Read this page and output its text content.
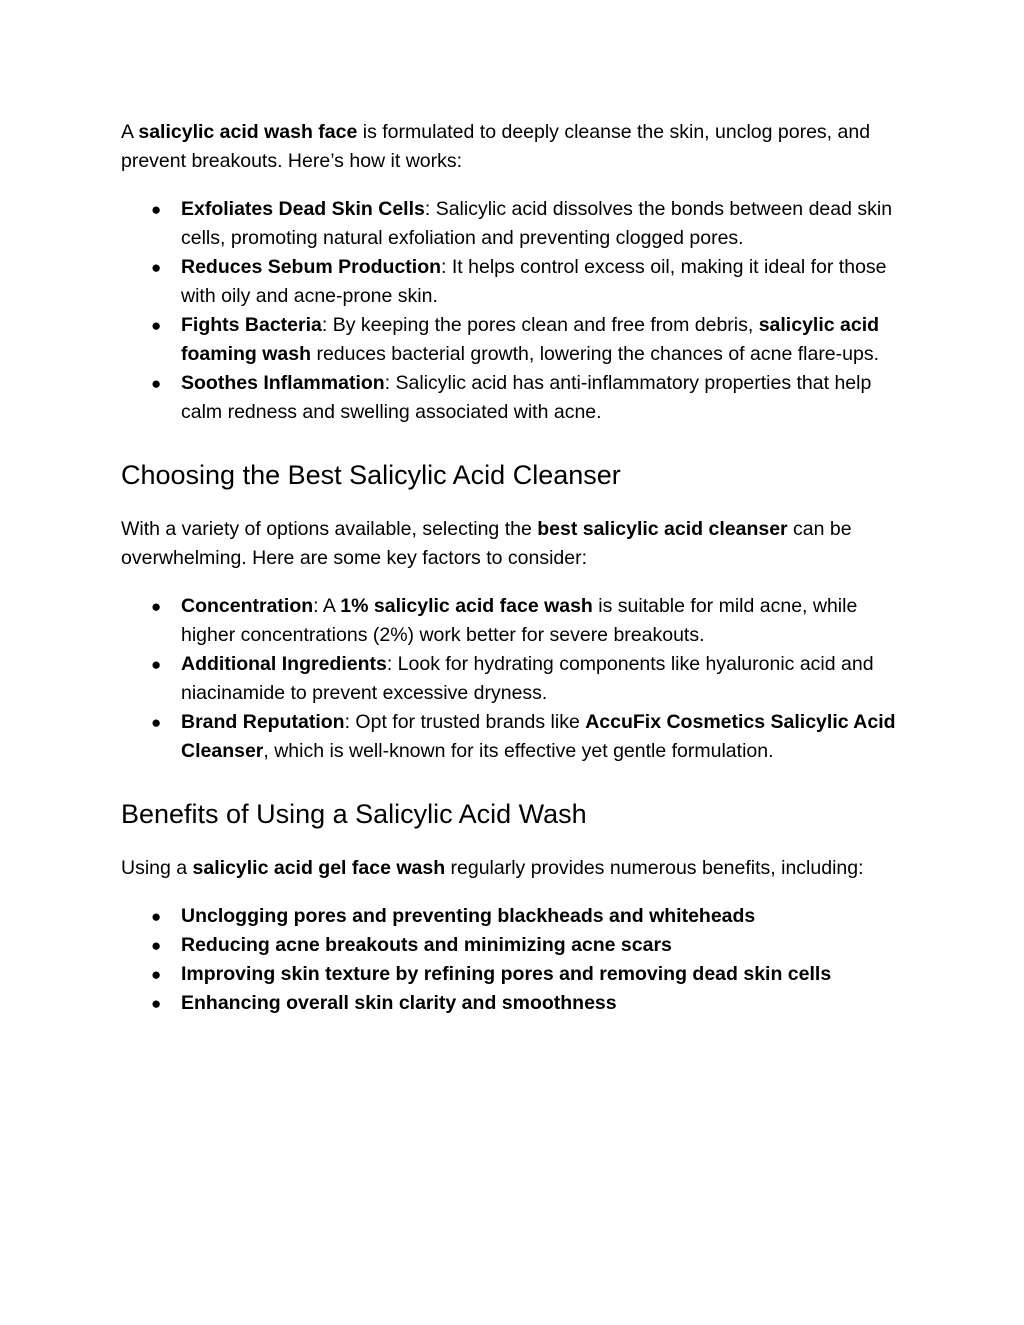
A salicylic acid wash face is formulated to deeply cleanse the skin, unclog pores, and prevent breakouts. Here’s how it works:

● Exfoliates Dead Skin Cells: Salicylic acid dissolves the bonds between dead skin cells, promoting natural exfoliation and preventing clogged pores.
● Reduces Sebum Production: It helps control excess oil, making it ideal for those with oily and acne-prone skin.
● Fights Bacteria: By keeping the pores clean and free from debris, salicylic acid foaming wash reduces bacterial growth, lowering the chances of acne flare-ups.
● Soothes Inflammation: Salicylic acid has anti-inflammatory properties that help calm redness and swelling associated with acne.
Choosing the Best Salicylic Acid Cleanser

With a variety of options available, selecting the best salicylic acid cleanser can be overwhelming. Here are some key factors to consider:

● Concentration: A 1% salicylic acid face wash is suitable for mild acne, while higher concentrations (2%) work better for severe breakouts.
● Additional Ingredients: Look for hydrating components like hyaluronic acid and niacinamide to prevent excessive dryness.
● Brand Reputation: Opt for trusted brands like AccuFix Cosmetics Salicylic Acid Cleanser, which is well-known for its effective yet gentle formulation.
Benefits of Using a Salicylic Acid Wash

Using a salicylic acid gel face wash regularly provides numerous benefits, including:

● Unclogging pores and preventing blackheads and whiteheads
● Reducing acne breakouts and minimizing acne scars
● Improving skin texture by refining pores and removing dead skin cells
● Enhancing overall skin clarity and smoothness
